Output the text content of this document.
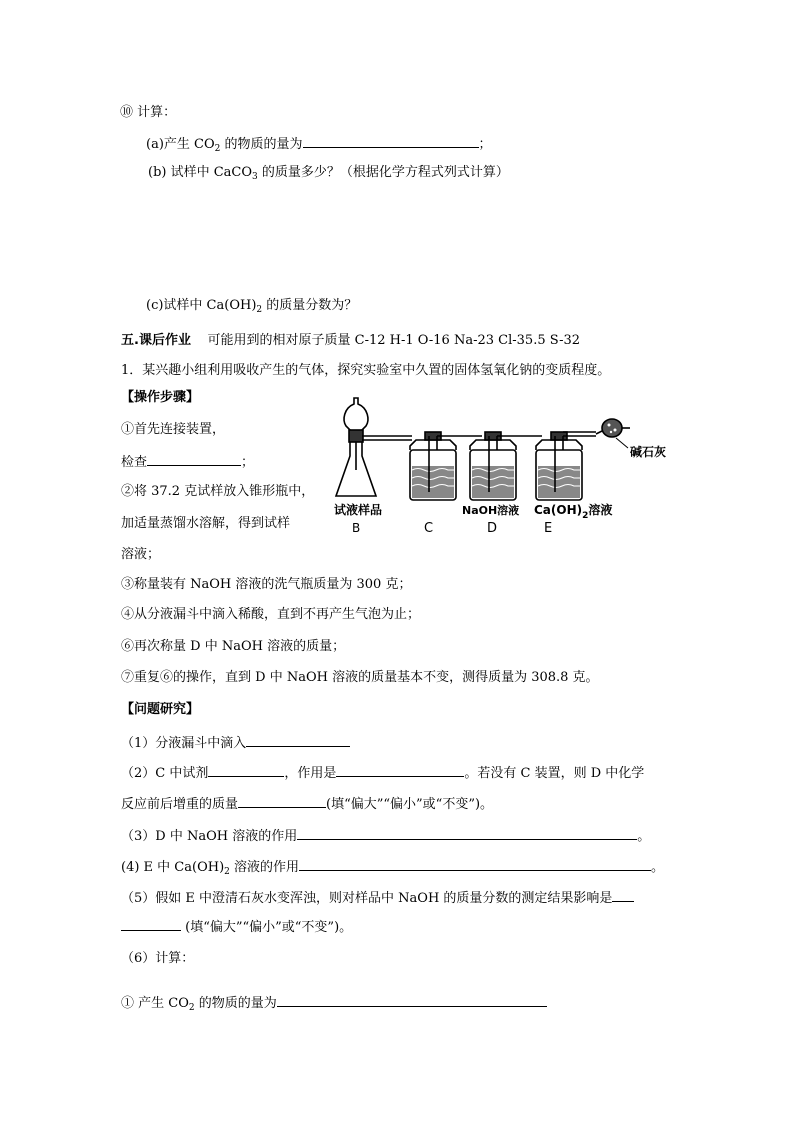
⑩ 计算：
(a)产生 $CO_2$ 的物质的量为	；
(b) 试样中 CaCO$_3$ 的质量多少？（根据化学方程式列式计算）
(c)试样中 $Ca(OH)_2$ 的质量分数为？
五.课后作业 可能用到的相对原子质量 C-12 H-1 O-16 Na-23 Cl-35.5 S-32
1．某兴趣小组利用吸收产生的气体，探究实验室中久置的固体氢氧化钠的变质程度。
【操作步骤】
①首先连接装置，
检查	；
②将 37.2 克试样放入锥形瓶中，
加适量蒸馏水溶解，得到试样
溶液；
③称量装有 NaOH 溶液的洗气瓶质量为 300 克；
④从分液漏斗中滴入稀酸，直到不再产生气泡为止；
⑥再次称量 D 中 NaOH 溶液的质量；
⑦重复⑥的操作，直到 D 中 NaOH 溶液的质量基本不变，测得质量为 308.8 克。
【问题研究】
（1）分液漏斗中滴入
（2）C 中试剂	，作用是	。若没有 C 装置，则 D 中化学
反应前后增重的质量	(填“偏大”“偏小”或“不变”)。
（3）D 中 NaOH 溶液的作用	。
(4) E 中 $Ca(OH)_2$ 溶液的作用	。
（5）假如 E 中澄清石灰水变浑浊，则对样品中 NaOH 的质量分数的测定结果影响是
(填“偏大”“偏小”或“不变”)。
（6）计算：
① 产生 $CO_2$ 的物质的量为
碱石灰
试液样品
B	C
NaOH溶液
D
$Ca(OH)_2$溶液
E
